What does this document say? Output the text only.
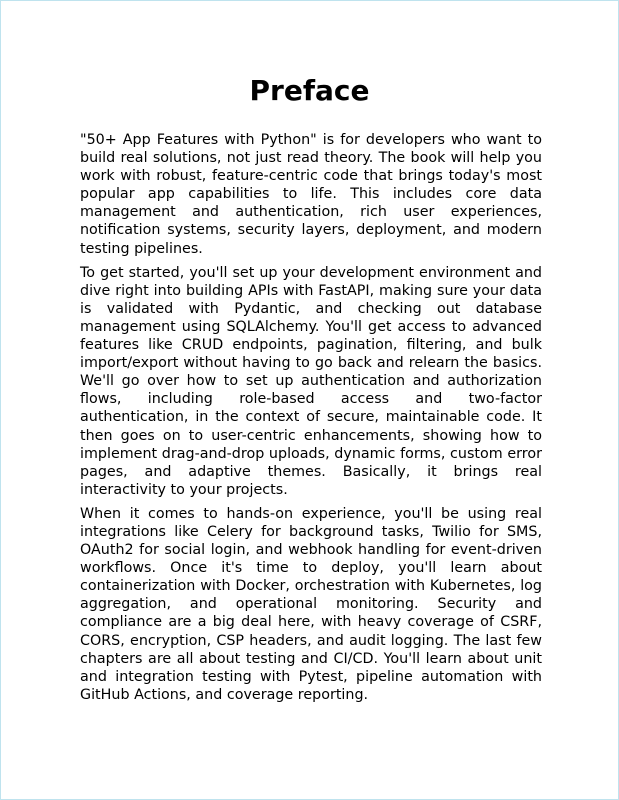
Preface

"50+ App Features with Python" is for developers who want to build real solutions, not just read theory. The book will help you work with robust, feature-centric code that brings today's most popular app capabilities to life. This includes core data management and authentication, rich user experiences, notification systems, security layers, deployment, and modern testing pipelines.

To get started, you'll set up your development environment and dive right into building APIs with FastAPI, making sure your data is validated with Pydantic, and checking out database management using SQLAlchemy. You'll get access to advanced features like CRUD endpoints, pagination, filtering, and bulk import/export without having to go back and relearn the basics. We'll go over how to set up authentication and authorization flows, including role-based access and two-factor authentication, in the context of secure, maintainable code. It then goes on to user-centric enhancements, showing how to implement drag-and-drop uploads, dynamic forms, custom error pages, and adaptive themes. Basically, it brings real interactivity to your projects.

When it comes to hands-on experience, you'll be using real integrations like Celery for background tasks, Twilio for SMS, OAuth2 for social login, and webhook handling for event-driven workflows. Once it's time to deploy, you'll learn about containerization with Docker, orchestration with Kubernetes, log aggregation, and operational monitoring. Security and compliance are a big deal here, with heavy coverage of CSRF, CORS, encryption, CSP headers, and audit logging. The last few chapters are all about testing and CI/CD. You'll learn about unit and integration testing with Pytest, pipeline automation with GitHub Actions, and coverage reporting.
